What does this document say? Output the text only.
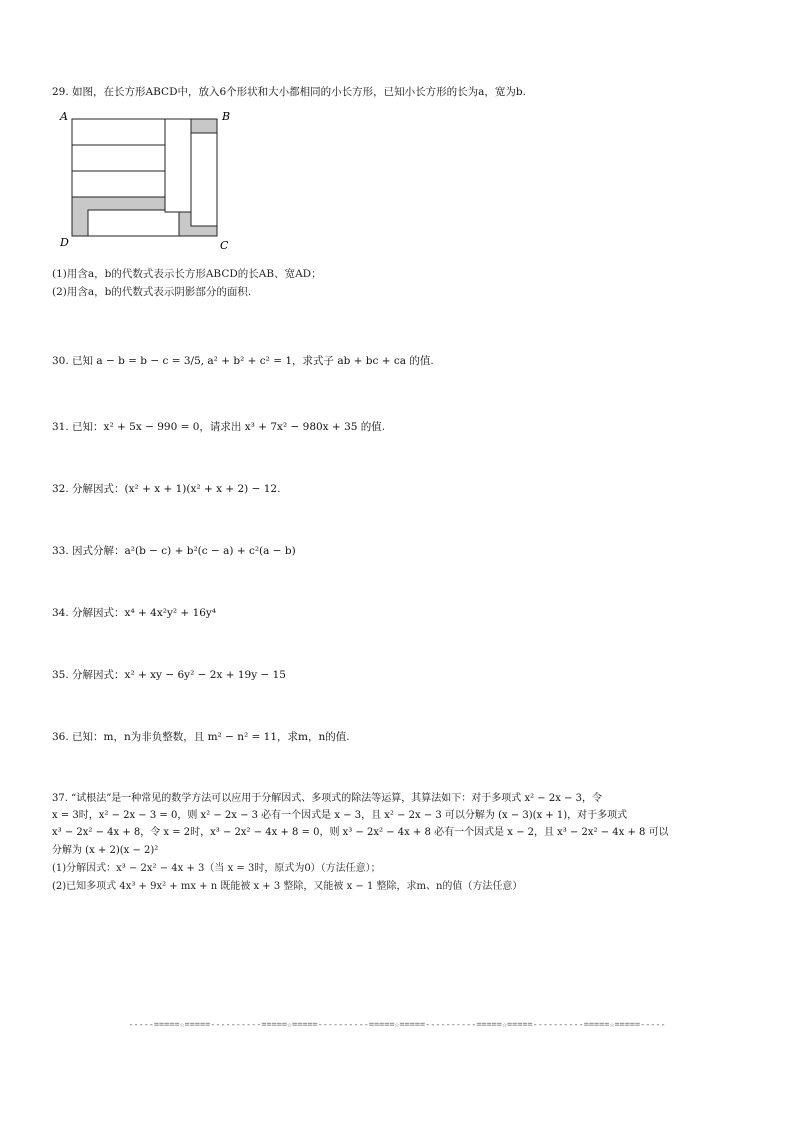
29. 如图，在长方形ABCD中，放入6个形状和大小都相同的小长方形，已知小长方形的长为a，宽为b.
A	B
D	C
(1)用含a，b的代数式表示长方形ABCD的长AB、宽AD；
(2)用含a，b的代数式表示阴影部分的面积.
30. 已知 a − b = b − c = 3/5, a² + b² + c² = 1，求式子 ab + bc + ca 的值.
31. 已知：x² + 5x − 990 = 0，请求出 x³ + 7x² − 980x + 35 的值.
32. 分解因式：(x² + x + 1)(x² + x + 2) − 12.
33. 因式分解：a²(b − c) + b²(c − a) + c²(a − b)
34. 分解因式：x⁴ + 4x²y² + 16y⁴
35. 分解因式：x² + xy − 6y² − 2x + 19y − 15
36. 已知：m，n为非负整数，且 m² − n² = 11，求m，n的值.
37. “试根法”是一种常见的数学方法可以应用于分解因式、多项式的除法等运算，其算法如下：对于多项式 x² − 2x − 3，令
x = 3时，x² − 2x − 3 = 0，则 x² − 2x − 3 必有一个因式是 x − 3，且 x² − 2x − 3 可以分解为 (x − 3)(x + 1)，对于多项式
x³ − 2x² − 4x + 8，令 x = 2时，x³ − 2x² − 4x + 8 = 0，则 x³ − 2x² − 4x + 8 必有一个因式是 x − 2，且 x³ − 2x² − 4x + 8 可以
分解为 (x + 2)(x − 2)²
(1)分解因式：x³ − 2x² − 4x + 3（当 x = 3时，原式为0）（方法任意）；
(2)已知多项式 4x³ + 9x² + mx + n 既能被 x + 3 整除，又能被 x − 1 整除，求m、n的值（方法任意）
-----=====☆=====----------=====☆=====----------=====☆=====----------=====☆=====----------=====☆=====-----
